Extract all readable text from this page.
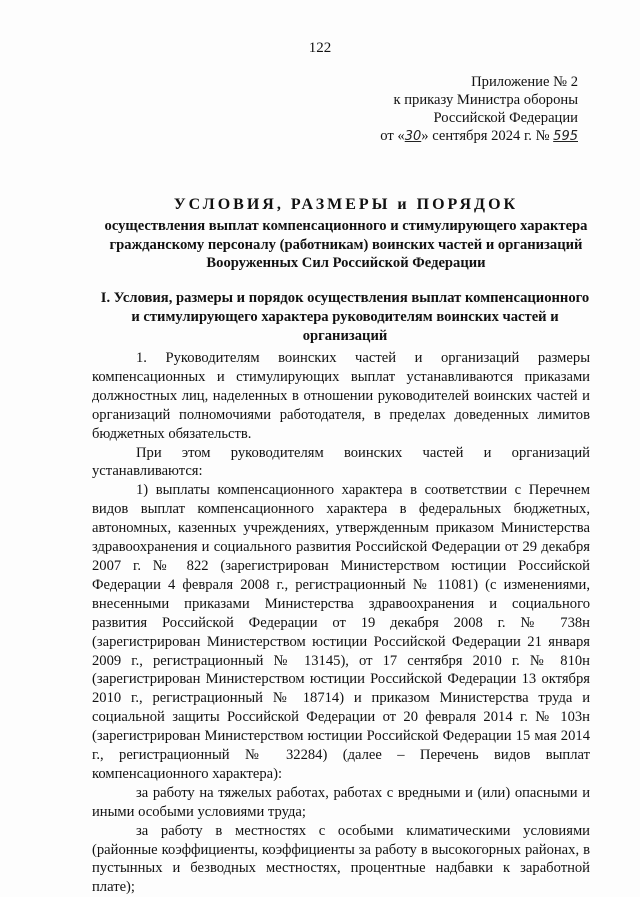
122
Приложение № 2
к приказу Министра обороны
Российской Федерации
от «30» сентября 2024 г. № 595
УСЛОВИЯ, РАЗМЕРЫ и ПОРЯДОК
осуществления выплат компенсационного и стимулирующего характера гражданскому персоналу (работникам) воинских частей и организаций Вооруженных Сил Российской Федерации
I. Условия, размеры и порядок осуществления выплат компенсационного и стимулирующего характера руководителям воинских частей и организаций

1. Руководителям воинских частей и организаций размеры компенсационных и стимулирующих выплат устанавливаются приказами должностных лиц, наделенных в отношении руководителей воинских частей и организаций полномочиями работодателя, в пределах доведенных лимитов бюджетных обязательств.

При этом руководителям воинских частей и организаций устанавливаются:

1) выплаты компенсационного характера в соответствии с Перечнем видов выплат компенсационного характера в федеральных бюджетных, автономных, казенных учреждениях, утвержденным приказом Министерства здравоохранения и социального развития Российской Федерации от 29 декабря 2007 г. № 822 (зарегистрирован Министерством юстиции Российской Федерации 4 февраля 2008 г., регистрационный № 11081) (с изменениями, внесенными приказами Министерства здравоохранения и социального развития Российской Федерации от 19 декабря 2008 г. № 738н (зарегистрирован Министерством юстиции Российской Федерации 21 января 2009 г., регистрационный № 13145), от 17 сентября 2010 г. № 810н (зарегистрирован Министерством юстиции Российской Федерации 13 октября 2010 г., регистрационный № 18714) и приказом Министерства труда и социальной защиты Российской Федерации от 20 февраля 2014 г. № 103н (зарегистрирован Министерством юстиции Российской Федерации 15 мая 2014 г., регистрационный № 32284) (далее – Перечень видов выплат компенсационного характера):

за работу на тяжелых работах, работах с вредными и (или) опасными и иными особыми условиями труда;

за работу в местностях с особыми климатическими условиями (районные коэффициенты, коэффициенты за работу в высокогорных районах, в пустынных и безводных местностях, процентные надбавки к заработной плате);
